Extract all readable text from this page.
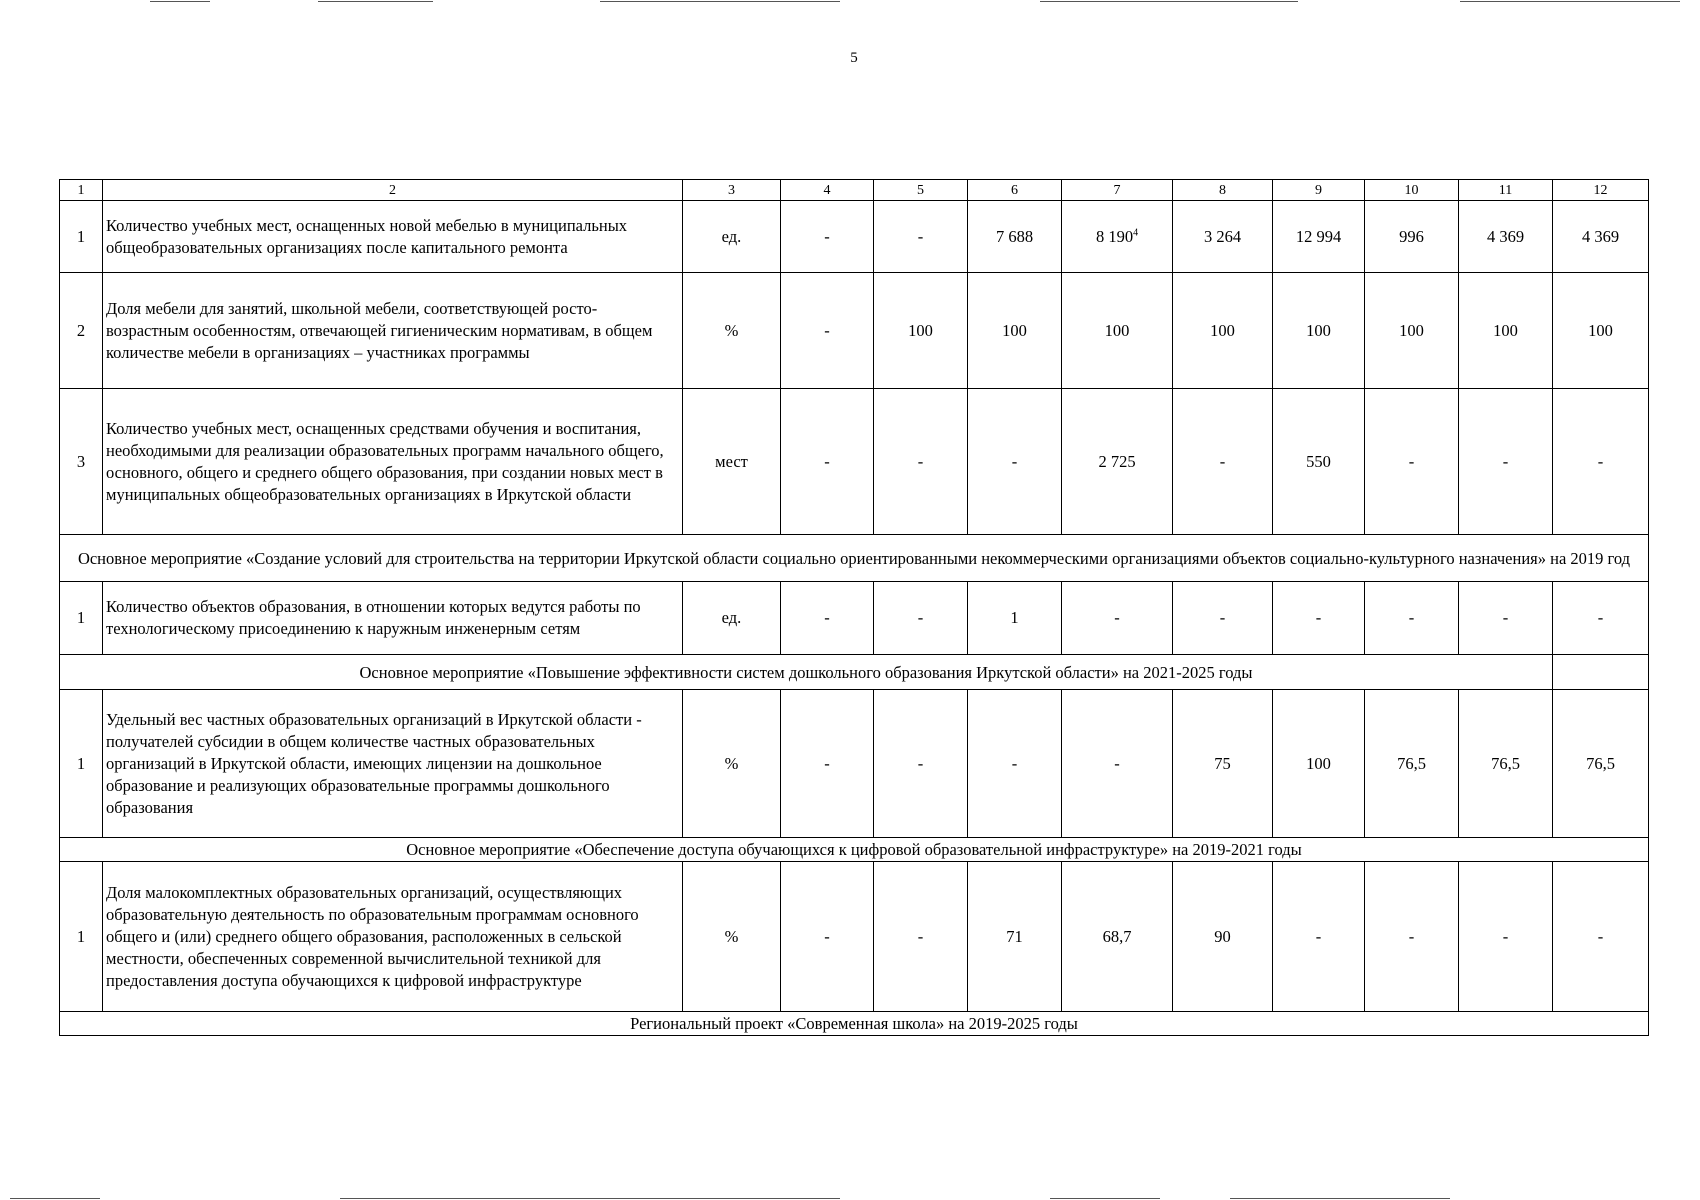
5
1	2	3	4	5	6	7	8	9	10	11	12
1	Количество учебных мест, оснащенных новой мебелью в муниципальных общеобразовательных организациях после капитального ремонта	ед.	-	-	7 688	8 $190^4$	3 264	12 994	996	4 369	4 369
2	Доля мебели для занятий, школьной мебели, соответствующей росто-возрастным особенностям, отвечающей гигиеническим нормативам, в общем количестве мебели в организациях – участниках программы	%	-	100	100	100	100	100	100	100	100
3	Количество учебных мест, оснащенных средствами обучения и воспитания, необходимыми для реализации образовательных программ начального общего, основного, общего и среднего общего образования, при создании новых мест в муниципальных общеобразовательных организациях в Иркутской области	мест	-	-	-	2 725	-	550	-	-	-
Основное мероприятие «Создание условий для строительства на территории Иркутской области социально ориентированными некоммерческими организациями объектов социально-культурного назначения» на 2019 год											
1	Количество объектов образования, в отношении которых ведутся работы по технологическому присоединению к наружным инженерным сетям	ед.	-	-	1	-	-	-	-	-	-
Основное мероприятие «Повышение эффективности систем дошкольного образования Иркутской области» на 2021-2025 годы											
1	Удельный вес частных образовательных организаций в Иркутской области - получателей субсидии в общем количестве частных образовательных организаций в Иркутской области, имеющих лицензии на дошкольное образование и реализующих образовательные программы дошкольного образования	%	-	-	-	-	75	100	76,5	76,5	76,5
Основное мероприятие «Обеспечение доступа обучающихся к цифровой образовательной инфраструктуре» на 2019-2021 годы											
1	Доля малокомплектных образовательных организаций, осуществляющих образовательную деятельность по образовательным программам основного общего и (или) среднего общего образования, расположенных в сельской местности, обеспеченных современной вычислительной техникой для предоставления доступа обучающихся к цифровой инфраструктуре	%	-	-	71	68,7	90	-	-	-	-
Региональный проект «Современная школа» на 2019-2025 годы											
